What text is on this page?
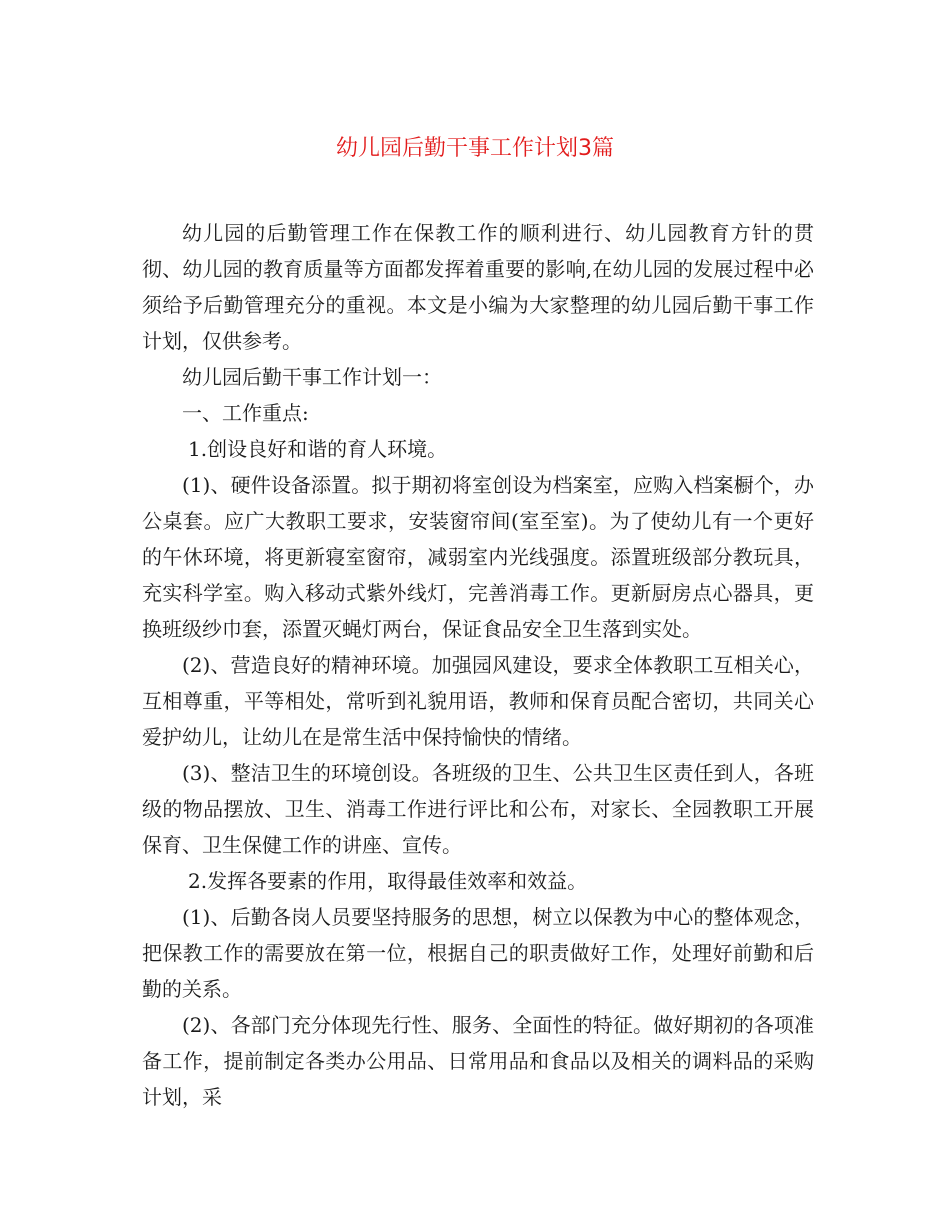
幼儿园后勤干事工作计划3篇

幼儿园的后勤管理工作在保教工作的顺利进行、幼儿园教育方针的贯彻、幼儿园的教育质量等方面都发挥着重要的影响,在幼儿园的发展过程中必须给予后勤管理充分的重视。本文是小编为大家整理的幼儿园后勤干事工作计划，仅供参考。

幼儿园后勤干事工作计划一：

一、工作重点:

1.创设良好和谐的育人环境。

(1)、硬件设备添置。拟于期初将室创设为档案室，应购入档案橱个，办公桌套。应广大教职工要求，安装窗帘间(室至室)。为了使幼儿有一个更好的午休环境，将更新寝室窗帘，减弱室内光线强度。添置班级部分教玩具，充实科学室。购入移动式紫外线灯，完善消毒工作。更新厨房点心器具，更换班级纱巾套，添置灭蝇灯两台，保证食品安全卫生落到实处。

(2)、营造良好的精神环境。加强园风建设，要求全体教职工互相关心，互相尊重，平等相处，常听到礼貌用语，教师和保育员配合密切，共同关心爱护幼儿，让幼儿在是常生活中保持愉快的情绪。

(3)、整洁卫生的环境创设。各班级的卫生、公共卫生区责任到人，各班级的物品摆放、卫生、消毒工作进行评比和公布，对家长、全园教职工开展保育、卫生保健工作的讲座、宣传。

2.发挥各要素的作用，取得最佳效率和效益。

(1)、后勤各岗人员要坚持服务的思想，树立以保教为中心的整体观念，把保教工作的需要放在第一位，根据自己的职责做好工作，处理好前勤和后勤的关系。

(2)、各部门充分体现先行性、服务、全面性的特征。做好期初的各项准备工作，提前制定各类办公用品、日常用品和食品以及相关的调料品的采购计划，采
